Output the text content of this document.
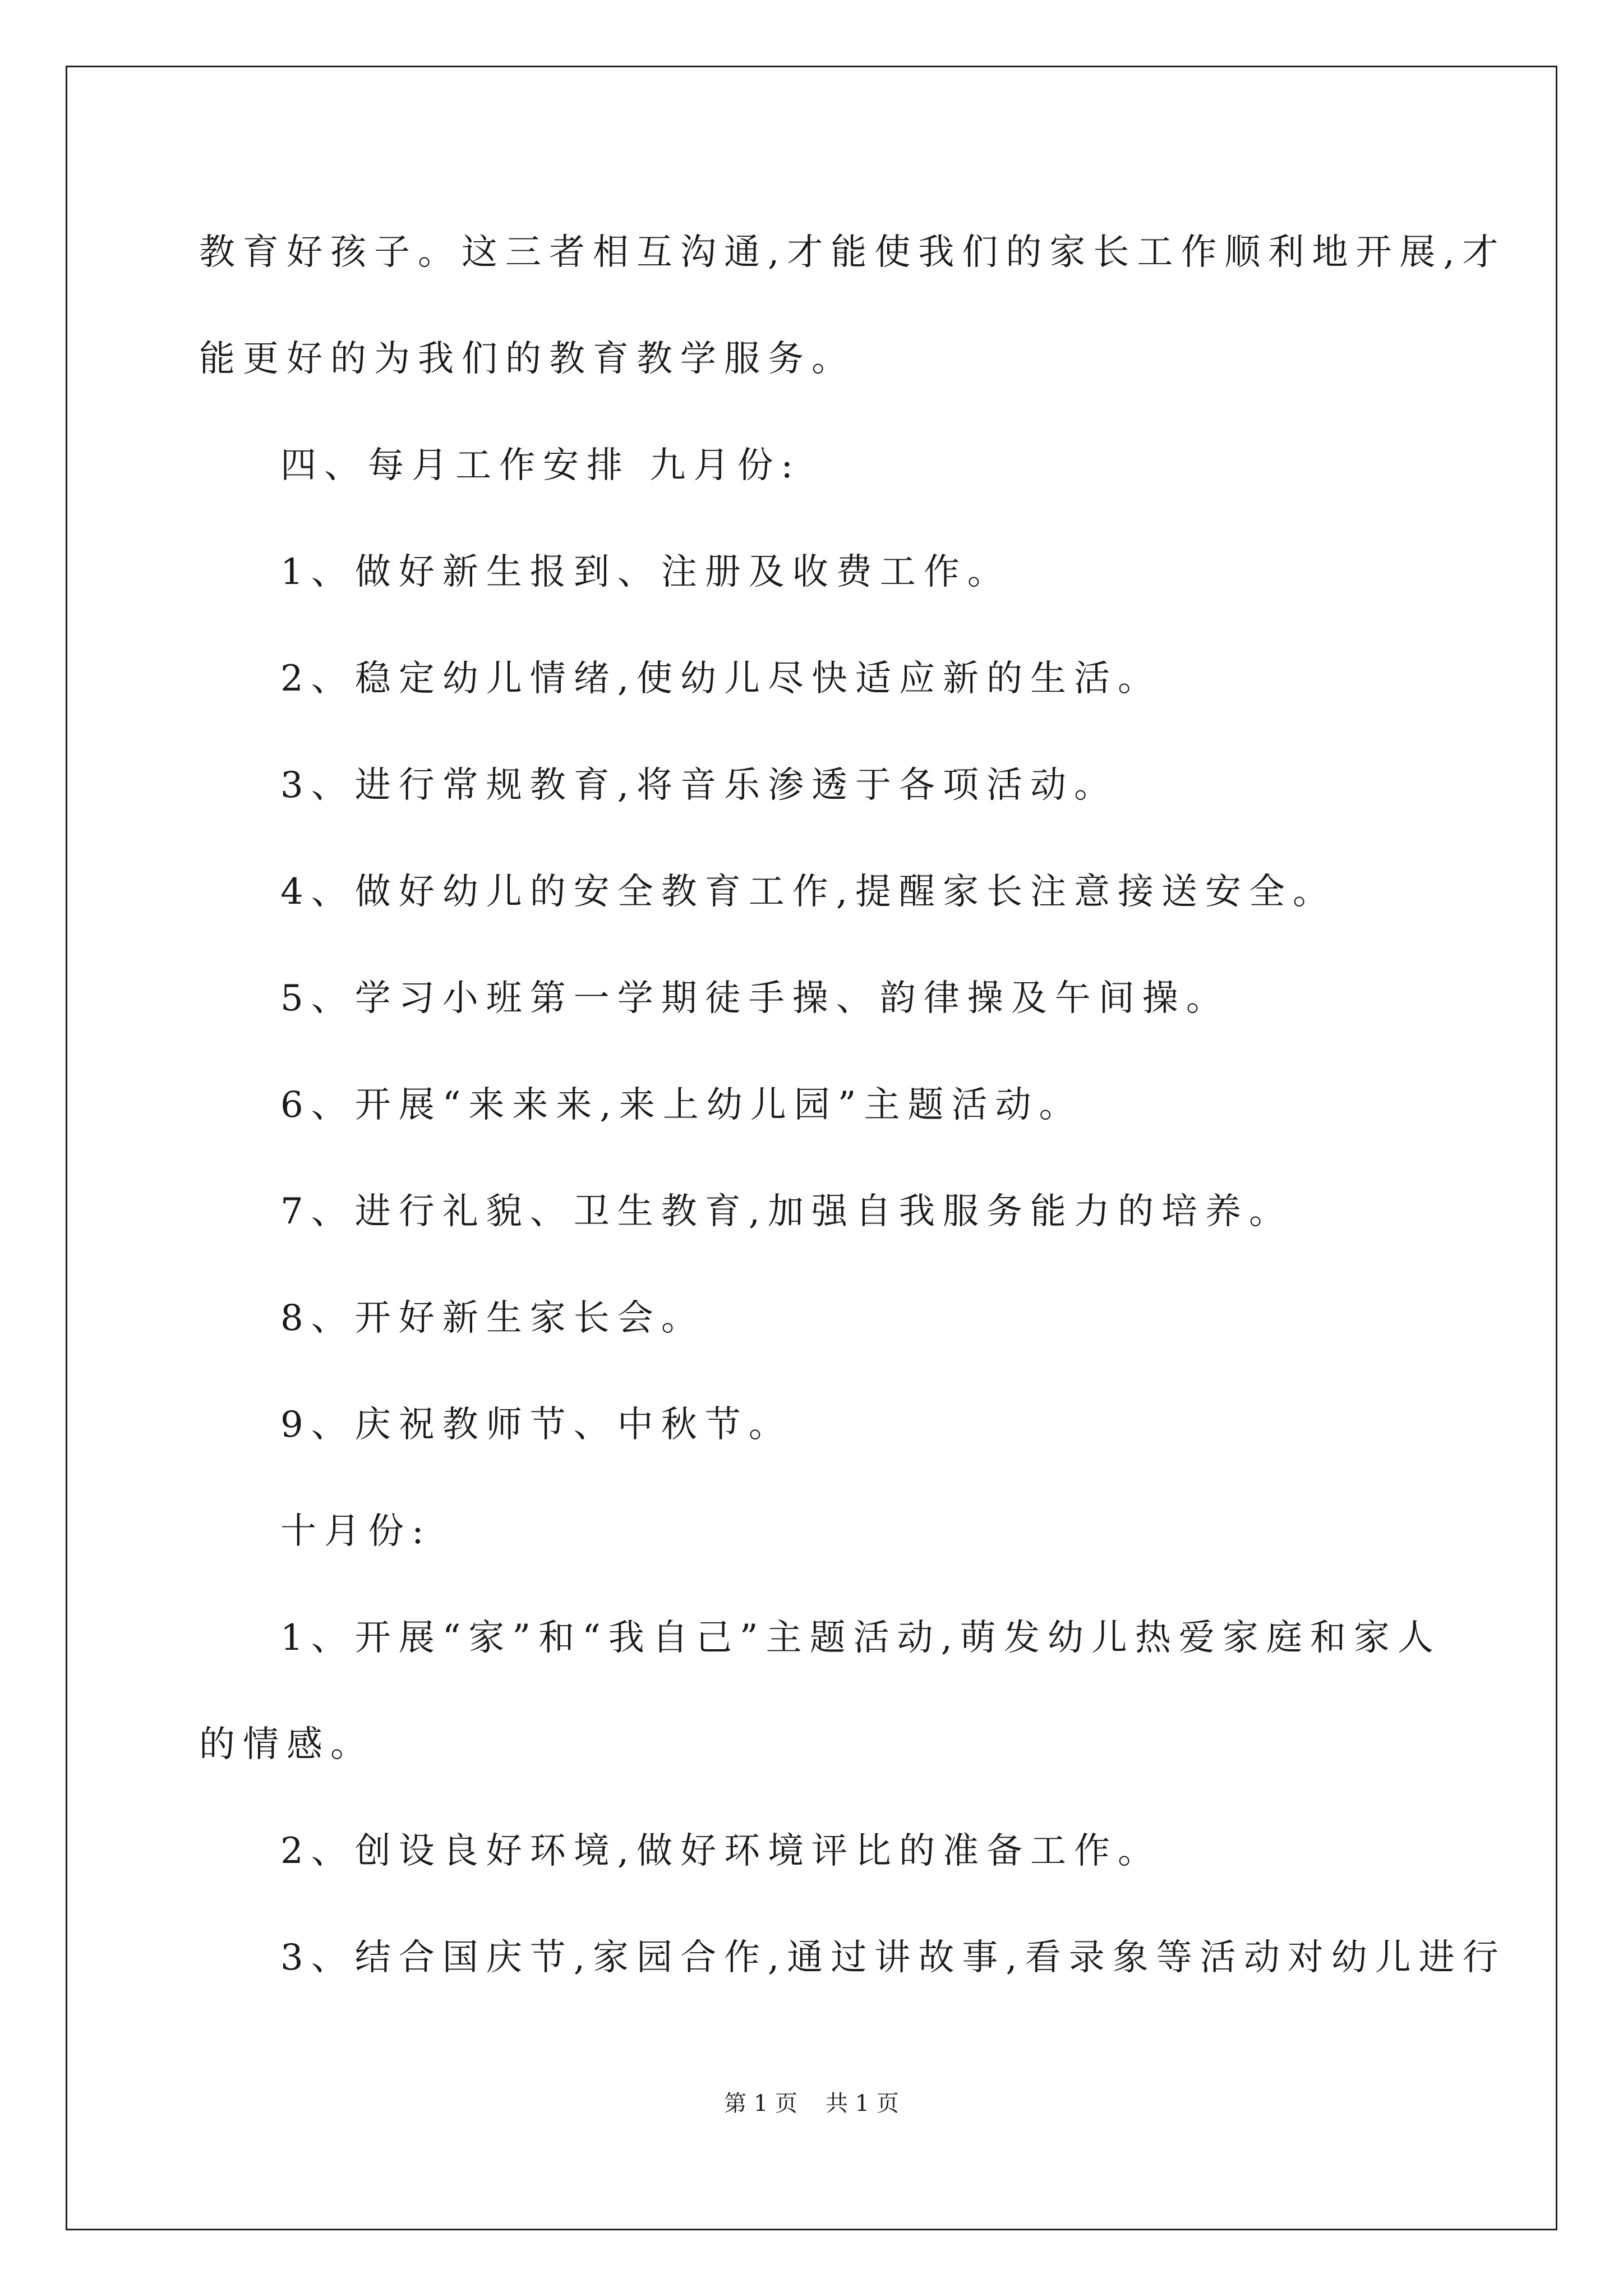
教育好孩子。这三者相互沟通,才能使我们的家长工作顺利地开展,才
能更好的为我们的教育教学服务。
四、每月工作安排 九月份:
1、做好新生报到、注册及收费工作。
2、稳定幼儿情绪,使幼儿尽快适应新的生活。
3、进行常规教育,将音乐渗透于各项活动。
4、做好幼儿的安全教育工作,提醒家长注意接送安全。
5、学习小班第一学期徒手操、韵律操及午间操。
6、开展“来来来,来上幼儿园”主题活动。
7、进行礼貌、卫生教育,加强自我服务能力的培养。
8、开好新生家长会。
9、庆祝教师节、中秋节。
十月份:
1、开展“家”和“我自己”主题活动,萌发幼儿热爱家庭和家人
的情感。
2、创设良好环境,做好环境评比的准备工作。
3、结合国庆节,家园合作,通过讲故事,看录象等活动对幼儿进行
第 1 页 共 1 页
